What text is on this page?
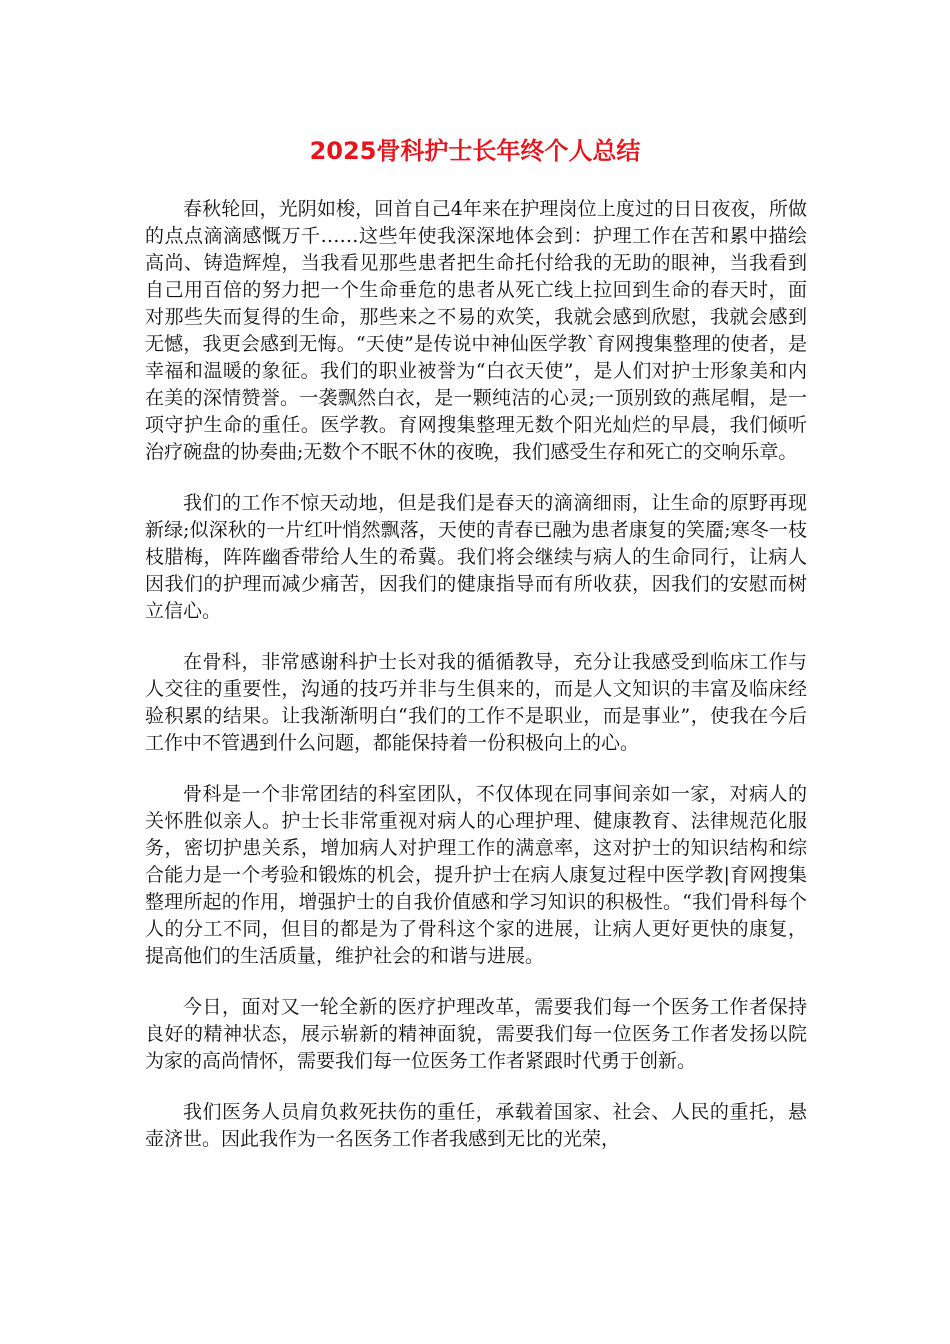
2025骨科护士长年终个人总结

春秋轮回，光阴如梭，回首自己4年来在护理岗位上度过的日日夜夜，所做的点点滴滴感慨万千……这些年使我深深地体会到：护理工作在苦和累中描绘高尚、铸造辉煌，当我看见那些患者把生命托付给我的无助的眼神，当我看到自己用百倍的努力把一个生命垂危的患者从死亡线上拉回到生命的春天时，面对那些失而复得的生命，那些来之不易的欢笑，我就会感到欣慰，我就会感到无憾，我更会感到无悔。“天使”是传说中神仙医学教`育网搜集整理的使者，是幸福和温暖的象征。我们的职业被誉为“白衣天使”，是人们对护士形象美和内在美的深情赞誉。一袭飘然白衣，是一颗纯洁的心灵;一顶别致的燕尾帽，是一项守护生命的重任。医学教。育网搜集整理无数个阳光灿烂的早晨，我们倾听治疗碗盘的协奏曲;无数个不眠不休的夜晚，我们感受生存和死亡的交响乐章。

我们的工作不惊天动地，但是我们是春天的滴滴细雨，让生命的原野再现新绿;似深秋的一片红叶悄然飘落，天使的青春已融为患者康复的笑靥;寒冬一枝枝腊梅，阵阵幽香带给人生的希冀。我们将会继续与病人的生命同行，让病人因我们的护理而减少痛苦，因我们的健康指导而有所收获，因我们的安慰而树立信心。

在骨科，非常感谢科护士长对我的循循教导，充分让我感受到临床工作与人交往的重要性，沟通的技巧并非与生俱来的，而是人文知识的丰富及临床经验积累的结果。让我渐渐明白“我们的工作不是职业，而是事业”，使我在今后工作中不管遇到什么问题，都能保持着一份积极向上的心。

骨科是一个非常团结的科室团队，不仅体现在同事间亲如一家，对病人的关怀胜似亲人。护士长非常重视对病人的心理护理、健康教育、法律规范化服务，密切护患关系，增加病人对护理工作的满意率，这对护士的知识结构和综合能力是一个考验和锻炼的机会，提升护士在病人康复过程中医学教|育网搜集整理所起的作用，增强护士的自我价值感和学习知识的积极性。“我们骨科每个人的分工不同，但目的都是为了骨科这个家的进展，让病人更好更快的康复，提高他们的生活质量，维护社会的和谐与进展。

今日，面对又一轮全新的医疗护理改革，需要我们每一个医务工作者保持良好的精神状态，展示崭新的精神面貌，需要我们每一位医务工作者发扬以院为家的高尚情怀，需要我们每一位医务工作者紧跟时代勇于创新。

我们医务人员肩负救死扶伤的重任，承载着国家、社会、人民的重托，悬壶济世。因此我作为一名医务工作者我感到无比的光荣，
